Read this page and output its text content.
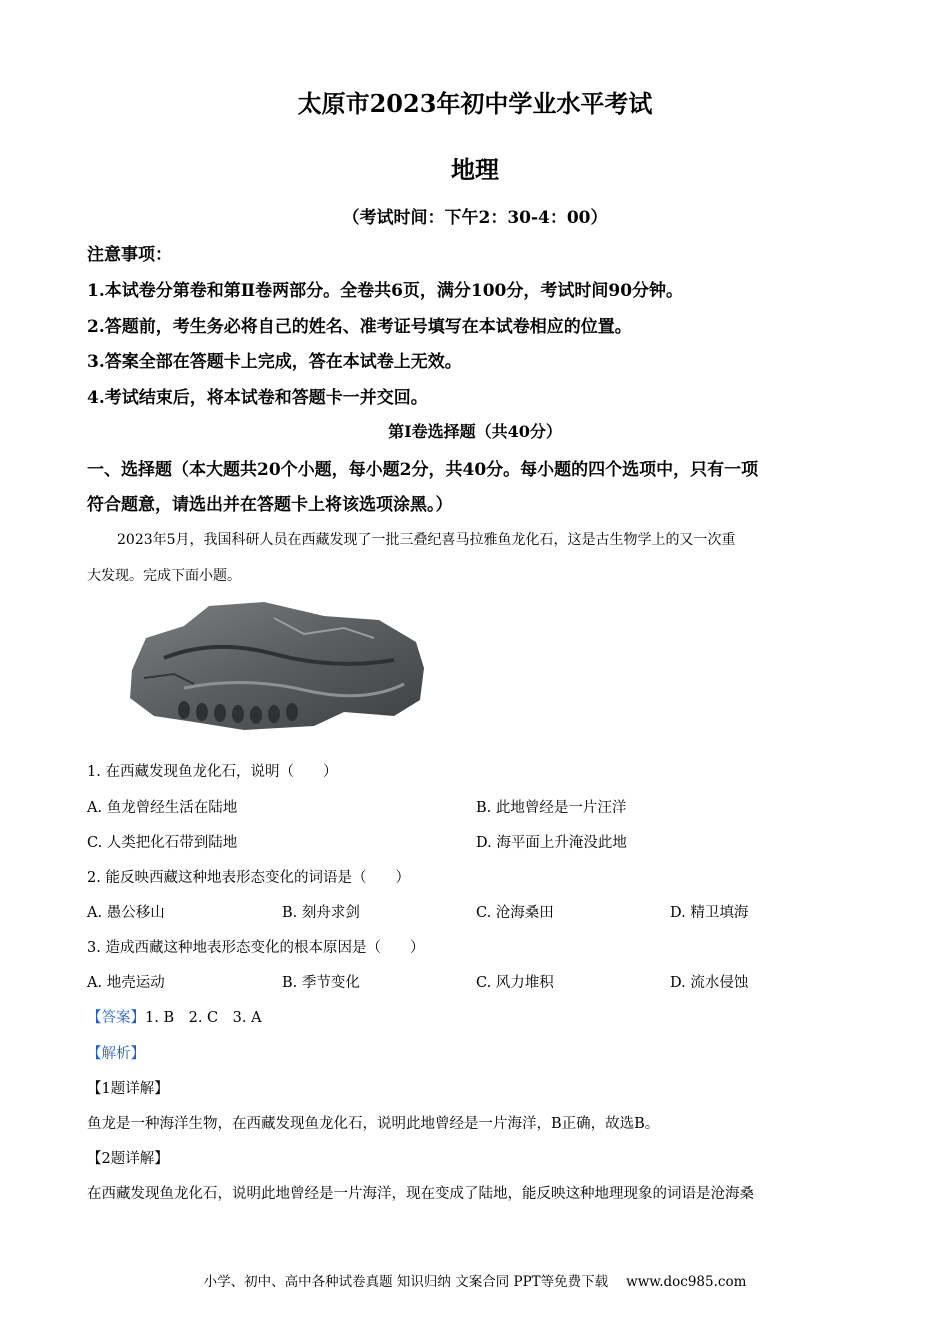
太原市2023年初中学业水平考试
地理
（考试时间：下午2：30-4：00）
注意事项：
1.本试卷分第卷和第Ⅱ卷两部分。全卷共6页，满分100分，考试时间90分钟。
2.答题前，考生务必将自己的姓名、准考证号填写在本试卷相应的位置。
3.答案全部在答题卡上完成，答在本试卷上无效。
4.考试结束后，将本试卷和答题卡一并交回。
第Ⅰ卷选择题（共40分）
一、选择题（本大题共20个小题，每小题2分，共40分。每小题的四个选项中，只有一项
符合题意，请选出并在答题卡上将该选项涂黑。）
2023年5月，我国科研人员在西藏发现了一批三叠纪喜马拉雅鱼龙化石，这是古生物学上的又一次重
大发现。完成下面小题。
1. 在西藏发现鱼龙化石，说明（　　）
A. 鱼龙曾经生活在陆地	B. 此地曾经是一片汪洋
C. 人类把化石带到陆地	D. 海平面上升淹没此地
2. 能反映西藏这种地表形态变化的词语是（　　）
A. 愚公移山	B. 刻舟求剑	C. 沧海桑田	D. 精卫填海
3. 造成西藏这种地表形态变化的根本原因是（　　）
A. 地壳运动	B. 季节变化	C. 风力堆积	D. 流水侵蚀
【答案】1. B　2. C　3. A
【解析】
【1题详解】
鱼龙是一种海洋生物，在西藏发现鱼龙化石，说明此地曾经是一片海洋，B正确，故选B。
【2题详解】
在西藏发现鱼龙化石，说明此地曾经是一片海洋，现在变成了陆地，能反映这种地理现象的词语是沧海桑
小学、初中、高中各种试卷真题 知识归纳 文案合同 PPT等免费下载 www.doc985.com
